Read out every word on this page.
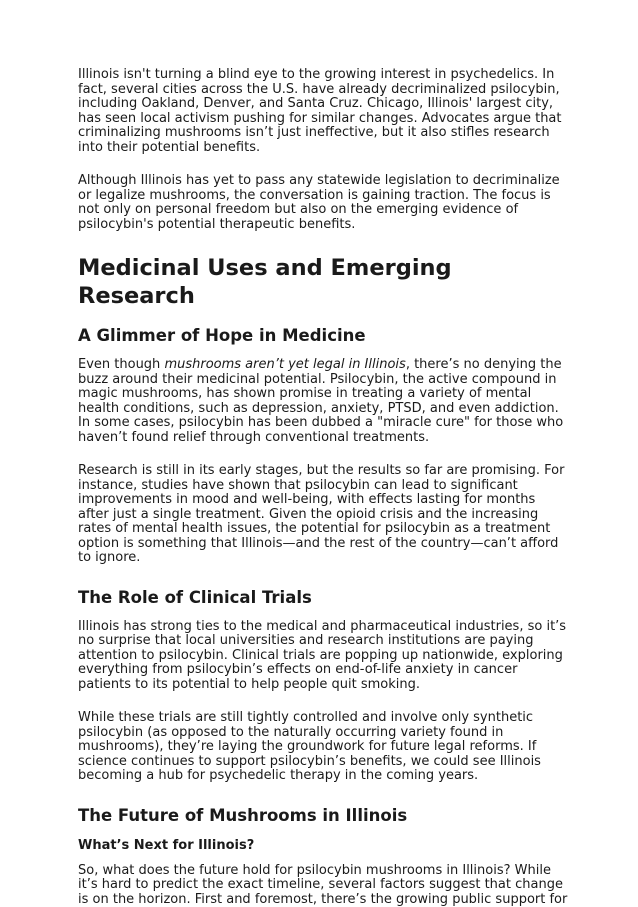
Illinois isn't turning a blind eye to the growing interest in psychedelics. In fact, several cities across the U.S. have already decriminalized psilocybin, including Oakland, Denver, and Santa Cruz. Chicago, Illinois' largest city, has seen local activism pushing for similar changes. Advocates argue that criminalizing mushrooms isn’t just ineffective, but it also stifles research into their potential benefits.

Although Illinois has yet to pass any statewide legislation to decriminalize or legalize mushrooms, the conversation is gaining traction. The focus is not only on personal freedom but also on the emerging evidence of psilocybin's potential therapeutic benefits.

Medicinal Uses and Emerging Research
A Glimmer of Hope in Medicine

Even though mushrooms aren’t yet legal in Illinois, there’s no denying the buzz around their medicinal potential. Psilocybin, the active compound in magic mushrooms, has shown promise in treating a variety of mental health conditions, such as depression, anxiety, PTSD, and even addiction. In some cases, psilocybin has been dubbed a "miracle cure" for those who haven’t found relief through conventional treatments.

Research is still in its early stages, but the results so far are promising. For instance, studies have shown that psilocybin can lead to significant improvements in mood and well-being, with effects lasting for months after just a single treatment. Given the opioid crisis and the increasing rates of mental health issues, the potential for psilocybin as a treatment option is something that Illinois—and the rest of the country—can’t afford to ignore.

The Role of Clinical Trials

Illinois has strong ties to the medical and pharmaceutical industries, so it’s no surprise that local universities and research institutions are paying attention to psilocybin. Clinical trials are popping up nationwide, exploring everything from psilocybin’s effects on end-of-life anxiety in cancer patients to its potential to help people quit smoking.

While these trials are still tightly controlled and involve only synthetic psilocybin (as opposed to the naturally occurring variety found in mushrooms), they’re laying the groundwork for future legal reforms. If science continues to support psilocybin’s benefits, we could see Illinois becoming a hub for psychedelic therapy in the coming years.

The Future of Mushrooms in Illinois
What’s Next for Illinois?

So, what does the future hold for psilocybin mushrooms in Illinois? While it’s hard to predict the exact timeline, several factors suggest that change is on the horizon. First and foremost, there’s the growing public support for
